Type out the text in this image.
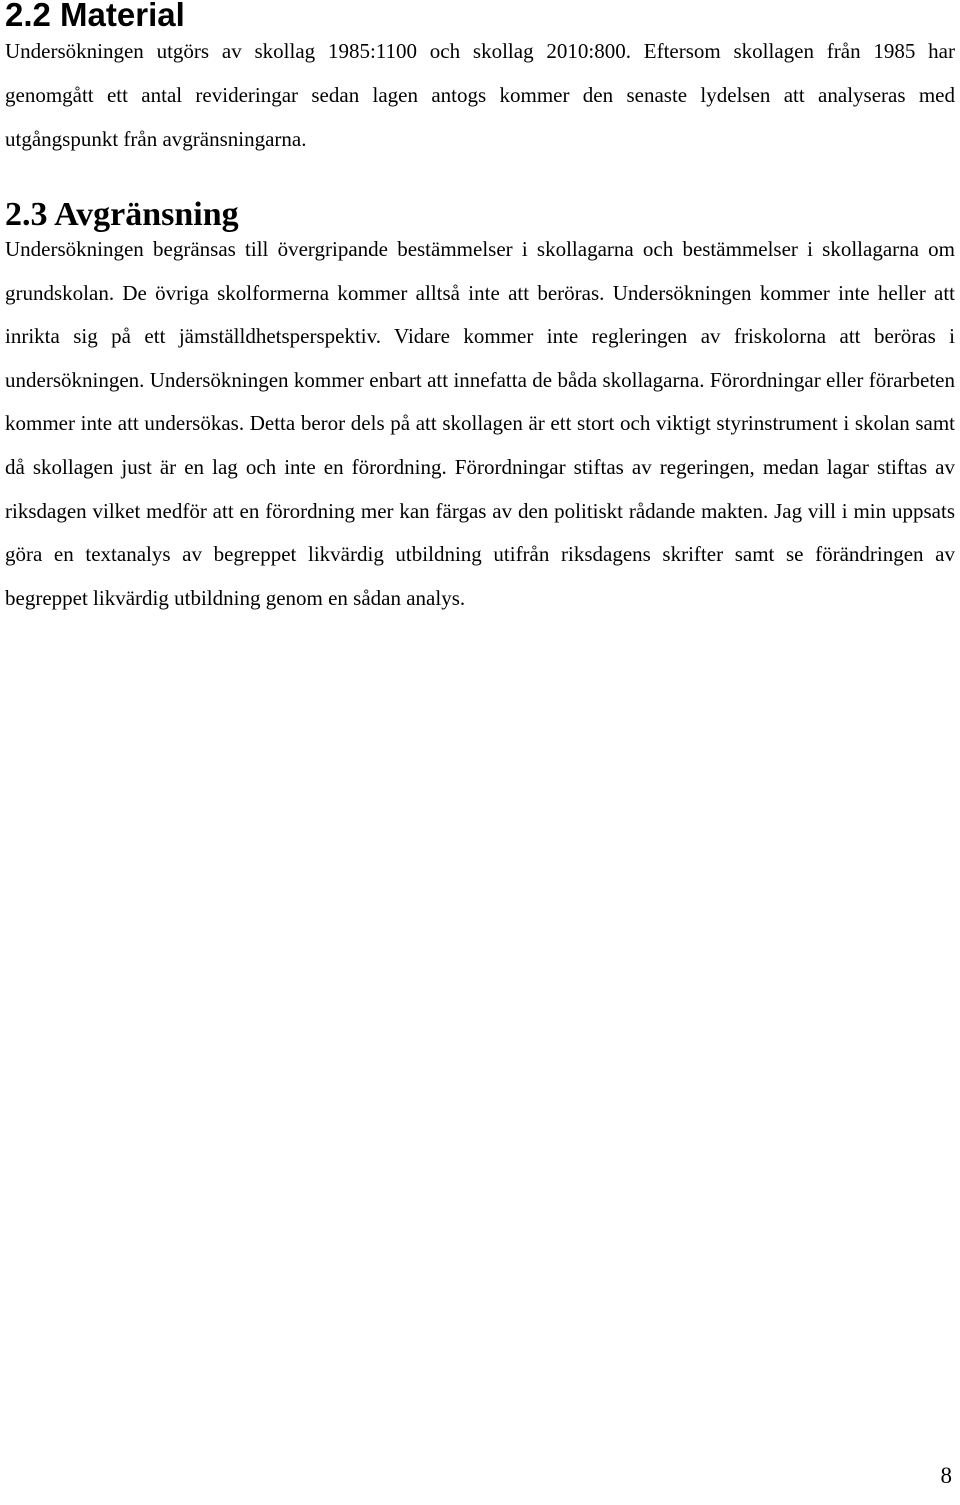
2.2 Material

Undersökningen utgörs av skollag 1985:1100 och skollag 2010:800. Eftersom skollagen från 1985 har genomgått ett antal revideringar sedan lagen antogs kommer den senaste lydelsen att analyseras med utgångspunkt från avgränsningarna.

2.3 Avgränsning

Undersökningen begränsas till övergripande bestämmelser i skollagarna och bestämmelser i skollagarna om grundskolan. De övriga skolformerna kommer alltså inte att beröras. Undersökningen kommer inte heller att inrikta sig på ett jämställdhetsperspektiv. Vidare kommer inte regleringen av friskolorna att beröras i undersökningen. Undersökningen kommer enbart att innefatta de båda skollagarna. Förordningar eller förarbeten kommer inte att undersökas. Detta beror dels på att skollagen är ett stort och viktigt styrinstrument i skolan samt då skollagen just är en lag och inte en förordning. Förordningar stiftas av regeringen, medan lagar stiftas av riksdagen vilket medför att en förordning mer kan färgas av den politiskt rådande makten. Jag vill i min uppsats göra en textanalys av begreppet likvärdig utbildning utifrån riksdagens skrifter samt se förändringen av begreppet likvärdig utbildning genom en sådan analys.

8
